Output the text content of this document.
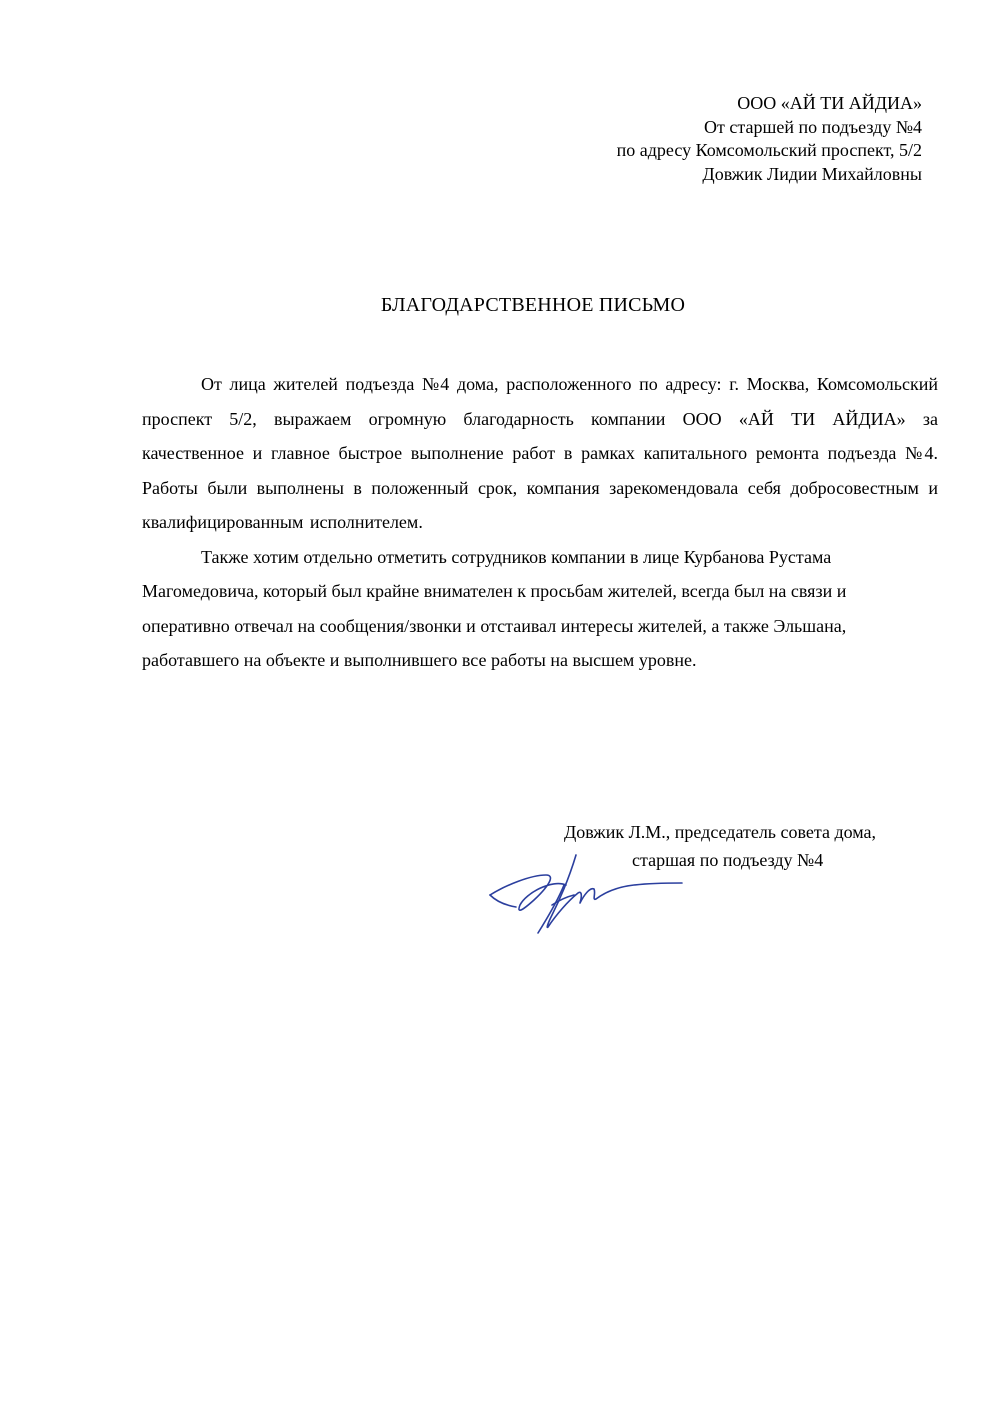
ООО «АЙ ТИ АЙДИА»
От старшей по подъезду №4
по адресу Комсомольский проспект, 5/2
Довжик Лидии Михайловны
БЛАГОДАРСТВЕННОЕ ПИСЬМО

От лица жителей подъезда №4 дома, расположенного по адресу: г. Москва, Комсомольский проспект 5/2, выражаем огромную благодарность компании ООО «АЙ ТИ АЙДИА» за качественное и главное быстрое выполнение работ в рамках капитального ремонта подъезда №4. Работы были выполнены в положенный срок, компания зарекомендовала себя добросовестным и квалифицированным исполнителем.

Также хотим отдельно отметить сотрудников компании в лице Курбанова Рустама
Магомедовича, который был крайне внимателен к просьбам жителей, всегда был на связи и
оперативно отвечал на сообщения/звонки и отстаивал интересы жителей, а также Эльшана,
работавшего на объекте и выполнившего все работы на высшем уровне.

Довжик Л.М., председатель совета дома,
старшая по подъезду №4
